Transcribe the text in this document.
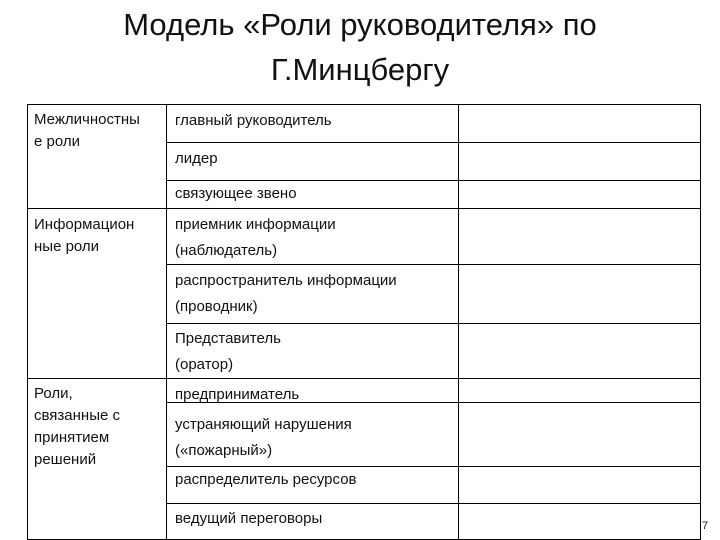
Модель «Роли руководителя» по
Г.Минцбергу
Межличностны
е роли
Информацион
ные роли
Роли,
связанные с
принятием
решений
главный руководитель
лидер
связующее звено
приемник информации
(наблюдатель)
распространитель информации
(проводник)
Представитель
(оратор)
предприниматель
устраняющий нарушения
(«пожарный»)
распределитель ресурсов
ведущий переговоры	7
